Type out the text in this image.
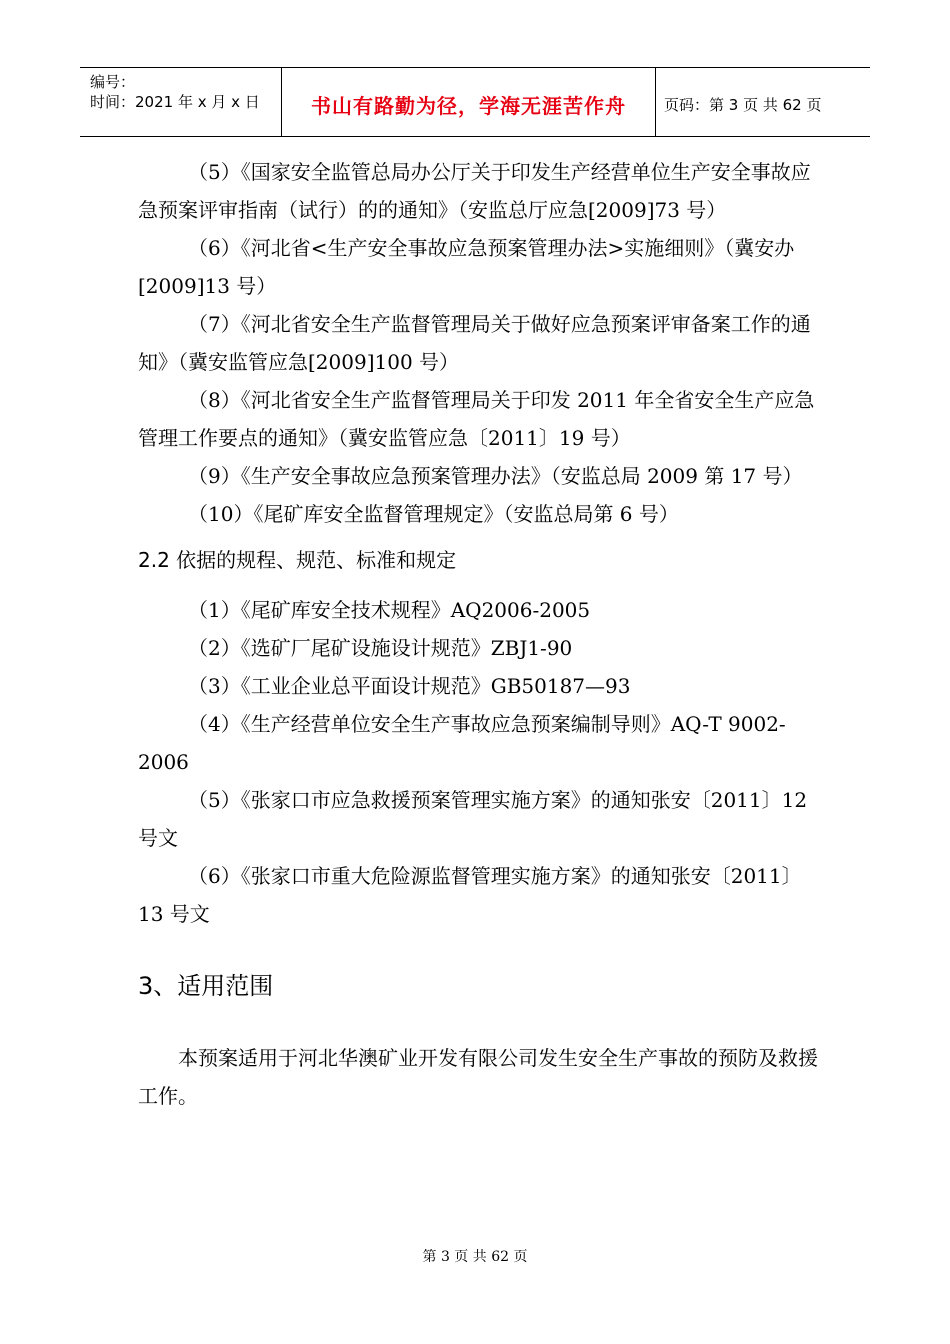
编号：
时间：2021 年 x 月 x 日	书山有路勤为径，学海无涯苦作舟	页码：第 3 页 共 62 页

（5）《国家安全监管总局办公厅关于印发生产经营单位生产安全事故应急预案评审指南（试行）的的通知》（安监总厅应急[2009]73 号）

（6）《河北省<生产安全事故应急预案管理办法>实施细则》（冀安办[2009]13 号）

（7）《河北省安全生产监督管理局关于做好应急预案评审备案工作的通知》（冀安监管应急[2009]100 号）

（8）《河北省安全生产监督管理局关于印发 2011 年全省安全生产应急管理工作要点的通知》（冀安监管应急〔2011〕19 号）

（9）《生产安全事故应急预案管理办法》（安监总局 2009 第 17 号）

（10）《尾矿库安全监督管理规定》（安监总局第 6 号）

2.2 依据的规程、规范、标准和规定

（1）《尾矿库安全技术规程》AQ2006-2005

（2）《选矿厂尾矿设施设计规范》ZBJ1-90

（3）《工业企业总平面设计规范》GB50187—93

（4）《生产经营单位安全生产事故应急预案编制导则》AQ-T 9002-2006

（5）《张家口市应急救援预案管理实施方案》的通知张安〔2011〕12 号文

（6）《张家口市重大危险源监督管理实施方案》的通知张安〔2011〕13 号文

3、适用范围

本预案适用于河北华澳矿业开发有限公司发生安全生产事故的预防及救援工作。

第 3 页 共 62 页
